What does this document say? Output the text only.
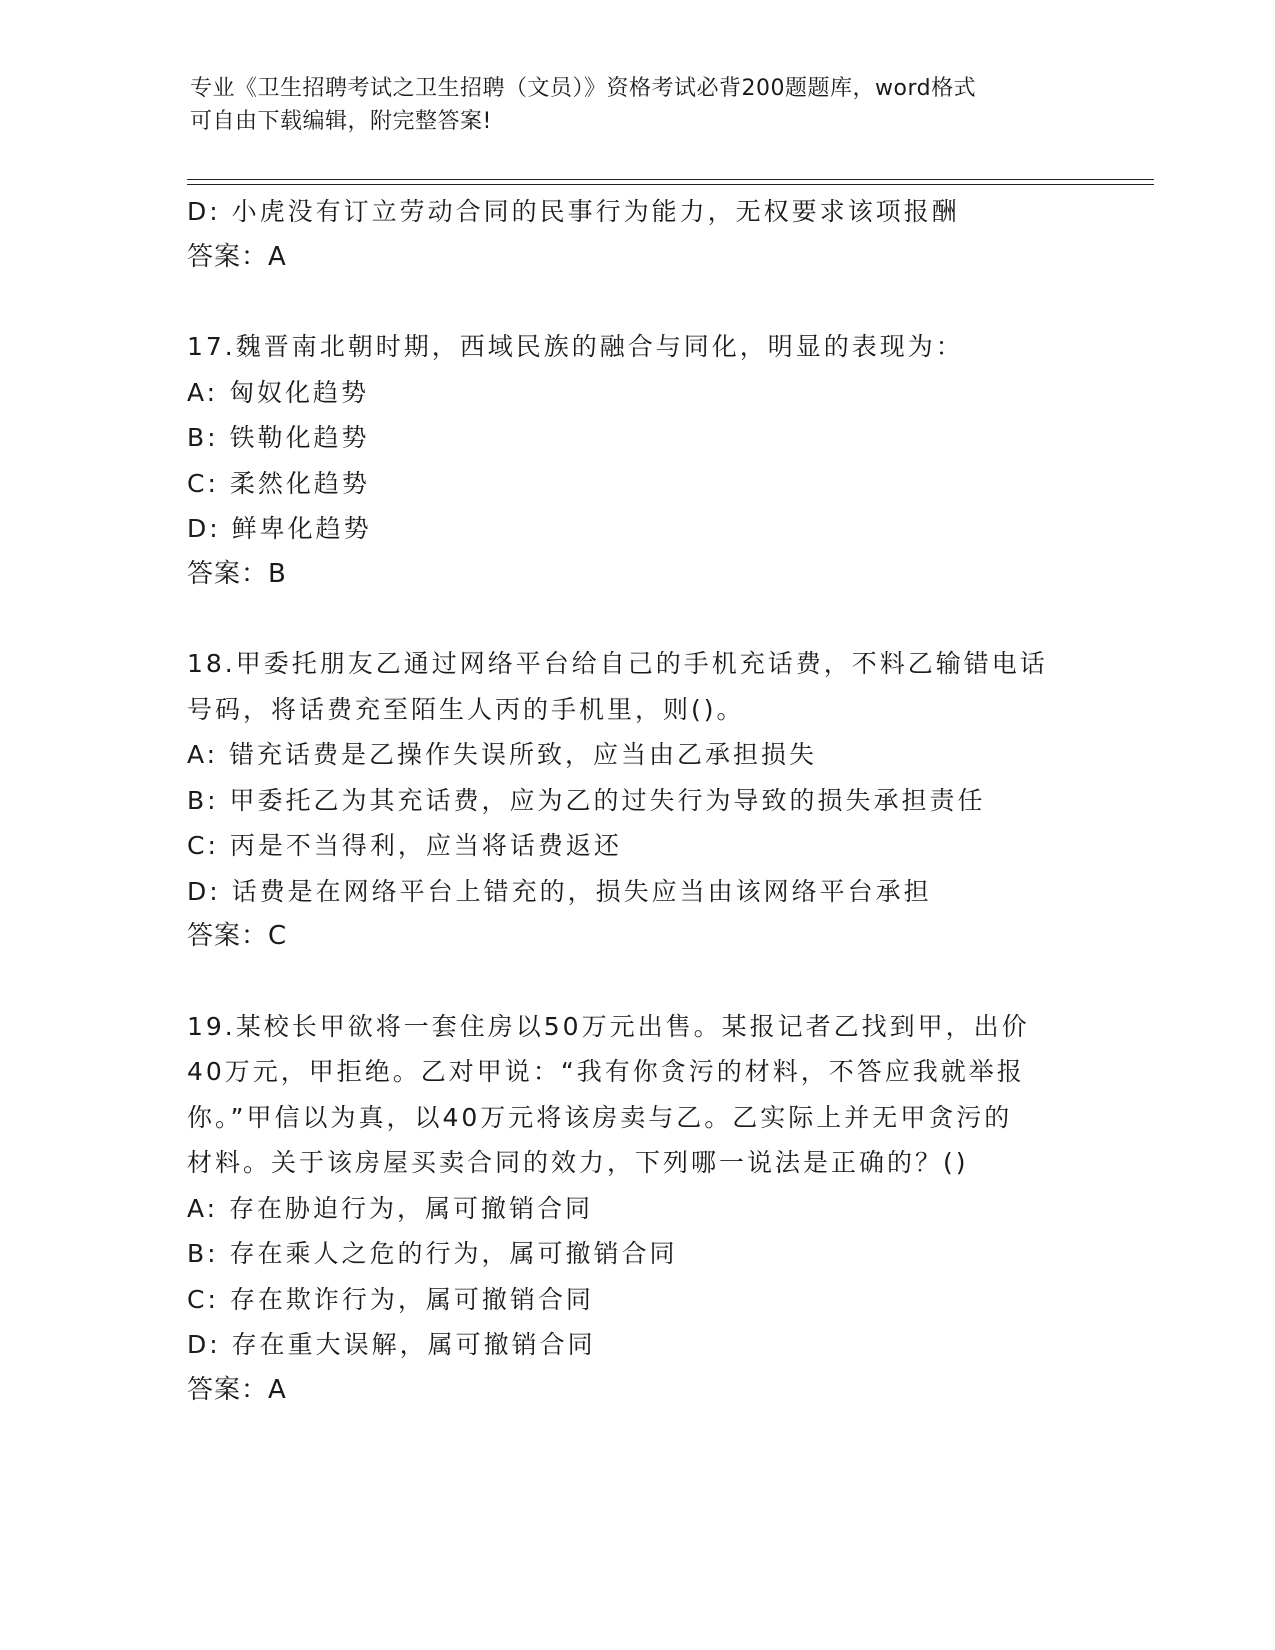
专业《卫生招聘考试之卫生招聘（文员）》资格考试必背200题题库，word格式
可自由下载编辑，附完整答案!
D: 小虎没有订立劳动合同的民事行为能力，无权要求该项报酬
答案：A
17.魏晋南北朝时期，西域民族的融合与同化，明显的表现为：
A: 匈奴化趋势
B: 铁勒化趋势
C: 柔然化趋势
D: 鲜卑化趋势
答案：B
18.甲委托朋友乙通过网络平台给自己的手机充话费，不料乙输错电话
号码，将话费充至陌生人丙的手机里，则()。
A: 错充话费是乙操作失误所致，应当由乙承担损失
B: 甲委托乙为其充话费，应为乙的过失行为导致的损失承担责任
C: 丙是不当得利，应当将话费返还
D: 话费是在网络平台上错充的，损失应当由该网络平台承担
答案：C
19.某校长甲欲将一套住房以50万元出售。某报记者乙找到甲，出价
40万元，甲拒绝。乙对甲说：“我有你贪污的材料，不答应我就举报
你。”甲信以为真，以40万元将该房卖与乙。乙实际上并无甲贪污的
材料。关于该房屋买卖合同的效力，下列哪一说法是正确的？()
A: 存在胁迫行为，属可撤销合同
B: 存在乘人之危的行为，属可撤销合同
C: 存在欺诈行为，属可撤销合同
D: 存在重大误解，属可撤销合同
答案：A
